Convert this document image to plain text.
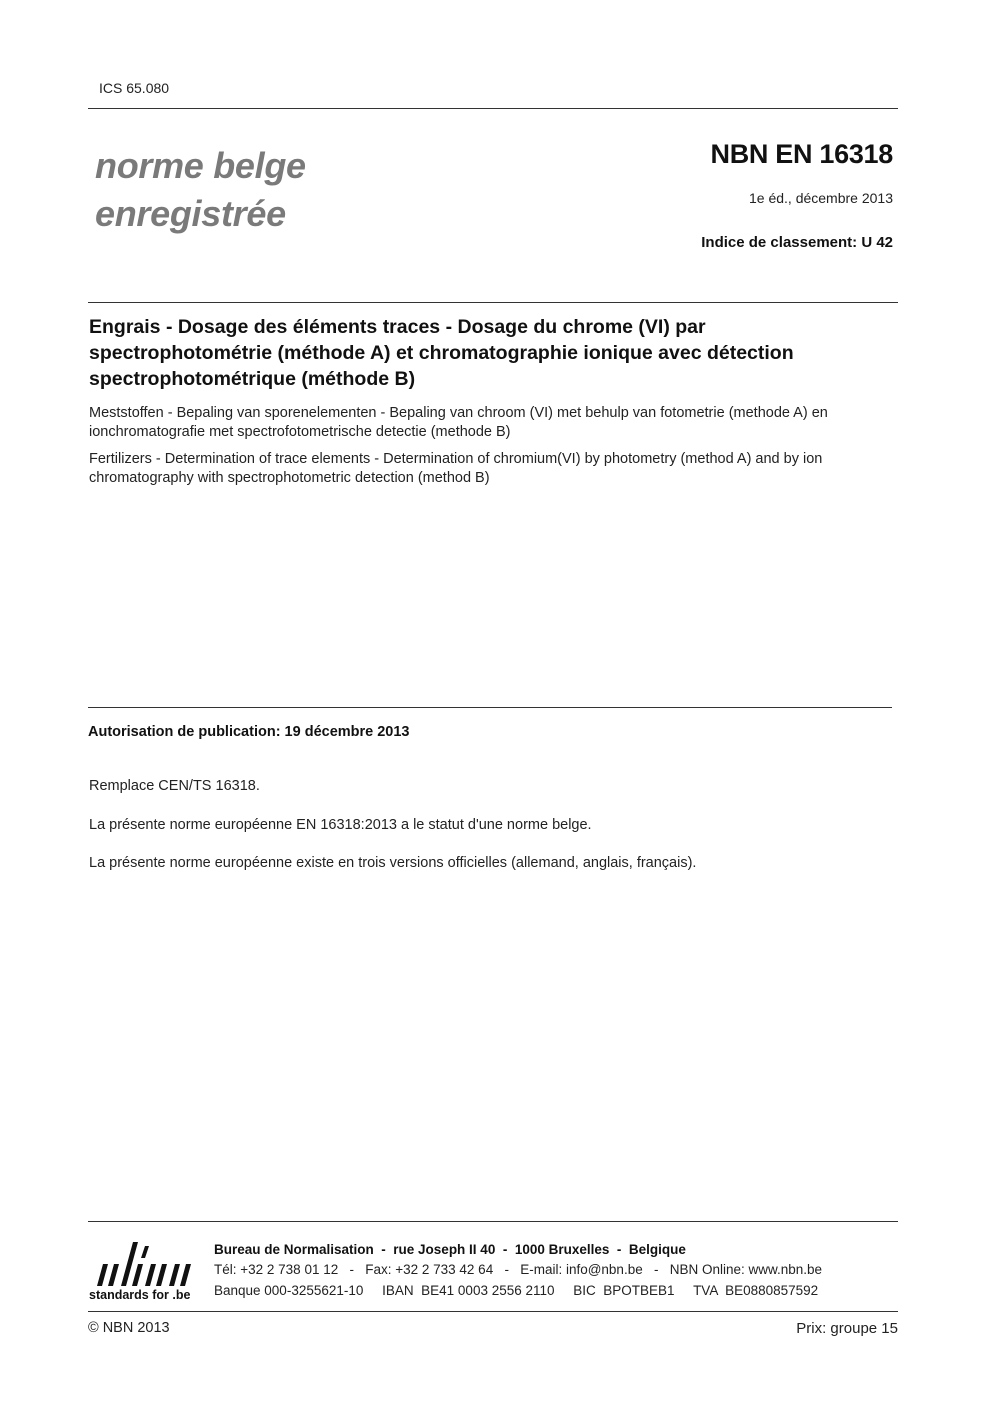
ICS 65.080
norme belge
enregistrée
NBN EN 16318
1e éd., décembre 2013
Indice de classement: U 42
Engrais - Dosage des éléments traces - Dosage du chrome (VI) par spectrophotométrie (méthode A) et chromatographie ionique avec détection spectrophotométrique (méthode B)
Meststoffen - Bepaling van sporenelementen - Bepaling van chroom (VI) met behulp van fotometrie (methode A) en ionchromatografie met spectrofotometrische detectie (methode B)
Fertilizers - Determination of trace elements - Determination of chromium(VI) by photometry (method A) and by ion chromatography with spectrophotometric detection (method B)
Autorisation de publication: 19 décembre 2013
Remplace CEN/TS 16318.
La présente norme européenne EN 16318:2013 a le statut d'une norme belge.
La présente norme européenne existe en trois versions officielles (allemand, anglais, français).
standards for .be
Bureau de Normalisation  -  rue Joseph II 40  -  1000 Bruxelles  -  Belgique
Tél: +32 2 738 01 12   -   Fax: +32 2 733 42 64   -   E-mail: info@nbn.be   -   NBN Online: www.nbn.be
Banque 000-3255621-10     IBAN  BE41 0003 2556 2110     BIC  BPOTBEB1     TVA  BE0880857592
© NBN 2013	Prix: groupe 15
